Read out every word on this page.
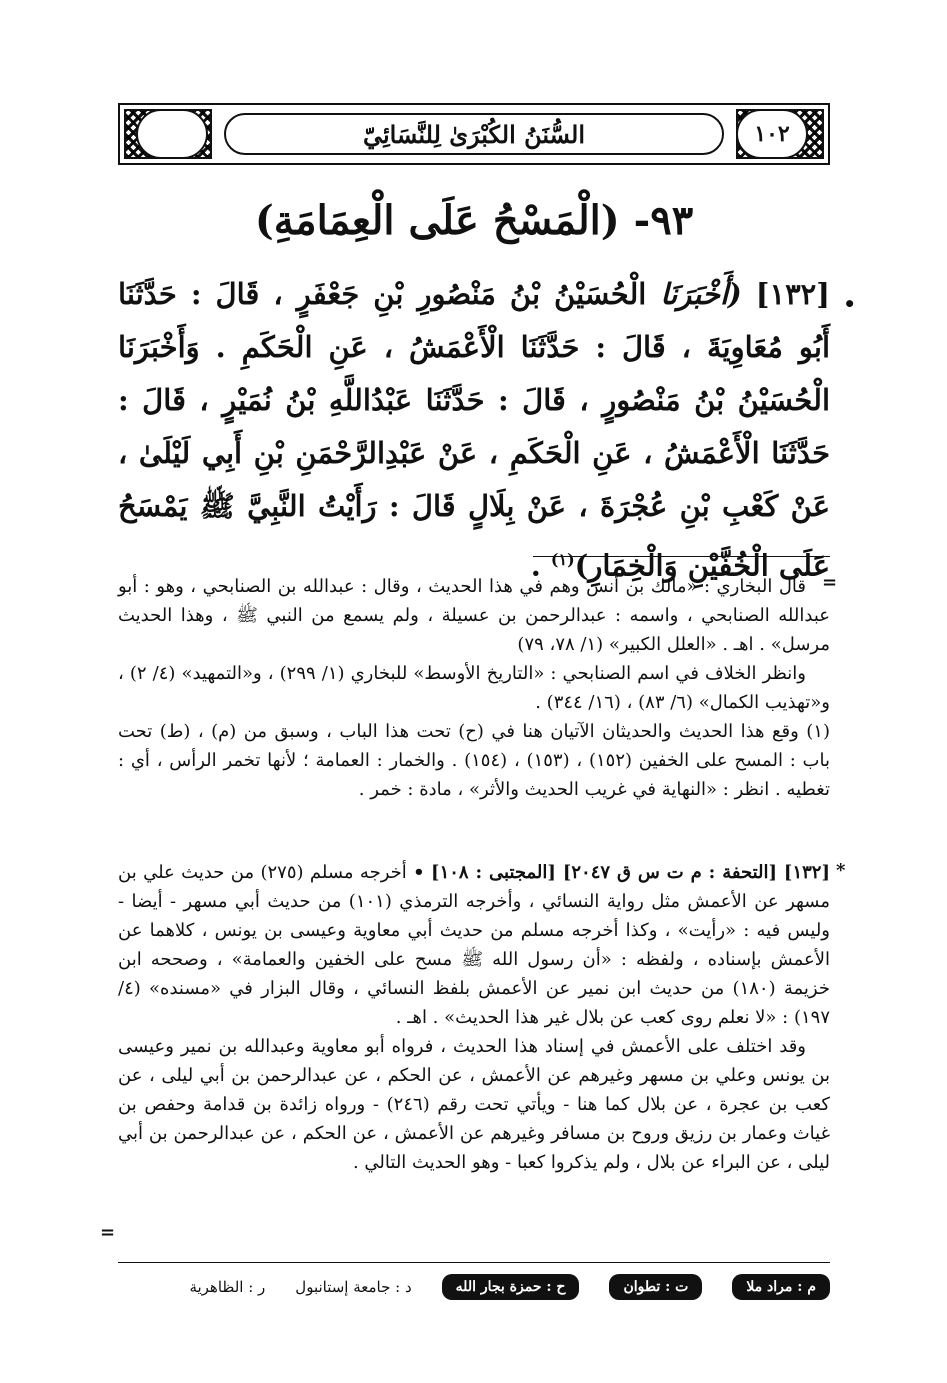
١٠٢
السُّنَنُ الكُبْرَىٰ لِلنَّسَائِيّ
٩٣- (الْمَسْحُ عَلَى الْعِمَامَةِ)
•
[١٣٢] (أَخْبَرَنَا الْحُسَيْنُ بْنُ مَنْصُورِ بْنِ جَعْفَرٍ ، قَالَ : حَدَّثَنَا أَبُو مُعَاوِيَةَ ، قَالَ : حَدَّثَنَا الْأَعْمَشُ ، عَنِ الْحَكَمِ . وَأَخْبَرَنَا الْحُسَيْنُ بْنُ مَنْصُورٍ ، قَالَ : حَدَّثَنَا عَبْدُاللَّهِ بْنُ نُمَيْرٍ ، قَالَ : حَدَّثَنَا الْأَعْمَشُ ، عَنِ الْحَكَمِ ، عَنْ عَبْدِالرَّحْمَنِ بْنِ أَبِي لَيْلَىٰ ، عَنْ كَعْبِ بْنِ عُجْرَةَ ، عَنْ بِلَالٍ قَالَ : رَأَيْتُ النَّبِيَّ ﷺ يَمْسَحُ عَلَى الْخُفَّيْنِ وَالْخِمَارِ)$^{(١)}$ .	=

قال البخاري : «مالك بن أنس وهم في هذا الحديث ، وقال : عبدالله بن الصنابحي ، وهو : أبو عبدالله الصنابحي ، واسمه : عبدالرحمن بن عسيلة ، ولم يسمع من النبي ﷺ ، وهذا الحديث مرسل» . اهـ . «العلل الكبير» (١/ ٧٨، ٧٩)

وانظر الخلاف في اسم الصنابحي : «التاريخ الأوسط» للبخاري (١/ ٢٩٩) ، و«التمهيد» (٤/ ٢) ، و«تهذيب الكمال» (٦/ ٨٣) ، (١٦/ ٣٤٤) .

(١) وقع هذا الحديث والحديثان الآتيان هنا في (ح) تحت هذا الباب ، وسبق من (م) ، (ط) تحت باب : المسح على الخفين (١٥٢) ، (١٥٣) ، (١٥٤) . والخمار : العمامة ؛ لأنها تخمر الرأس ، أي : تغطيه . انظر : «النهاية في غريب الحديث والأثر» ، مادة : خمر .

*

[١٣٢] [التحفة : م ت س ق ٢٠٤٧] [المجتبى : ١٠٨] • أخرجه مسلم (٢٧٥) من حديث علي بن مسهر عن الأعمش مثل رواية النسائي ، وأخرجه الترمذي (١٠١) من حديث أبي مسهر - أيضا - وليس فيه : «رأيت» ، وكذا أخرجه مسلم من حديث أبي معاوية وعيسى بن يونس ، كلاهما عن الأعمش بإسناده ، ولفظه : «أن رسول الله ﷺ مسح على الخفين والعمامة» ، وصححه ابن خزيمة (١٨٠) من حديث ابن نمير عن الأعمش بلفظ النسائي ، وقال البزار في «مسنده» (٤/ ١٩٧) : «لا نعلم روى كعب عن بلال غير هذا الحديث» . اهـ .

وقد اختلف على الأعمش في إسناد هذا الحديث ، فرواه أبو معاوية وعبدالله بن نمير وعيسى بن يونس وعلي بن مسهر وغيرهم عن الأعمش ، عن الحكم ، عن عبدالرحمن بن أبي ليلى ، عن كعب بن عجرة ، عن بلال كما هنا - ويأتي تحت رقم (٢٤٦) - ورواه زائدة بن قدامة وحفص بن غياث وعمار بن رزيق وروح بن مسافر وغيرهم عن الأعمش ، عن الحكم ، عن عبدالرحمن بن أبي ليلى ، عن البراء عن بلال ، ولم يذكروا كعبا - وهو الحديث التالي .

=
م : مراد ملا
ت : تطوان
ح : حمزة بجار الله
د : جامعة إستانبول
ر : الظاهرية
